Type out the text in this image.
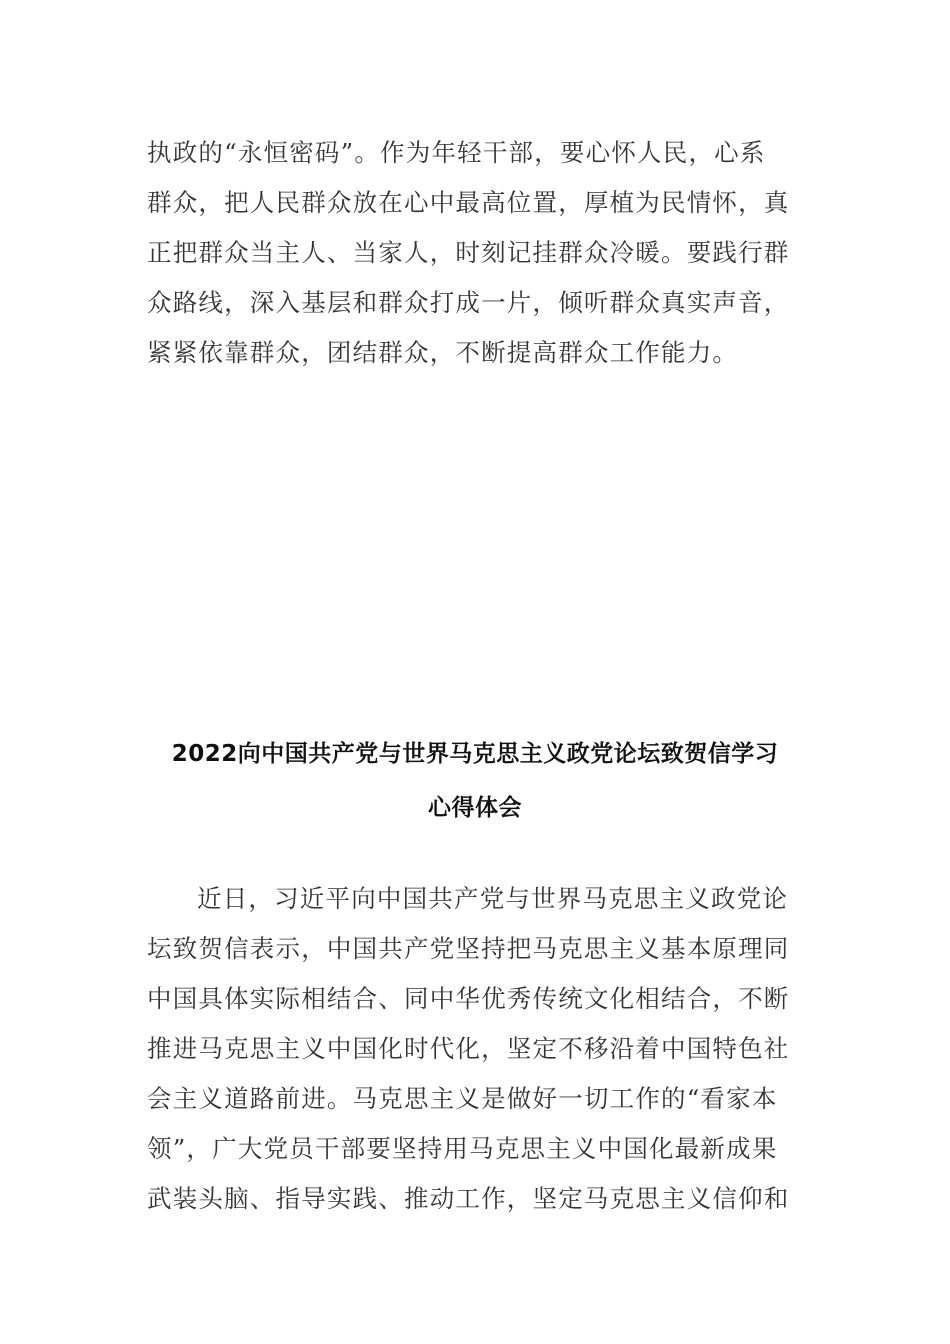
执政的“永恒密码”。作为年轻干部，要心怀人民，心系
群众，把人民群众放在心中最高位置，厚植为民情怀，真
正把群众当主人、当家人，时刻记挂群众冷暖。要践行群
众路线，深入基层和群众打成一片，倾听群众真实声音，
紧紧依靠群众，团结群众，不断提高群众工作能力。
2022向中国共产党与世界马克思主义政党论坛致贺信学习
心得体会
近日，习近平向中国共产党与世界马克思主义政党论
坛致贺信表示，中国共产党坚持把马克思主义基本原理同
中国具体实际相结合、同中华优秀传统文化相结合，不断
推进马克思主义中国化时代化，坚定不移沿着中国特色社
会主义道路前进。马克思主义是做好一切工作的“看家本
领”，广大党员干部要坚持用马克思主义中国化最新成果
武装头脑、指导实践、推动工作，坚定马克思主义信仰和
